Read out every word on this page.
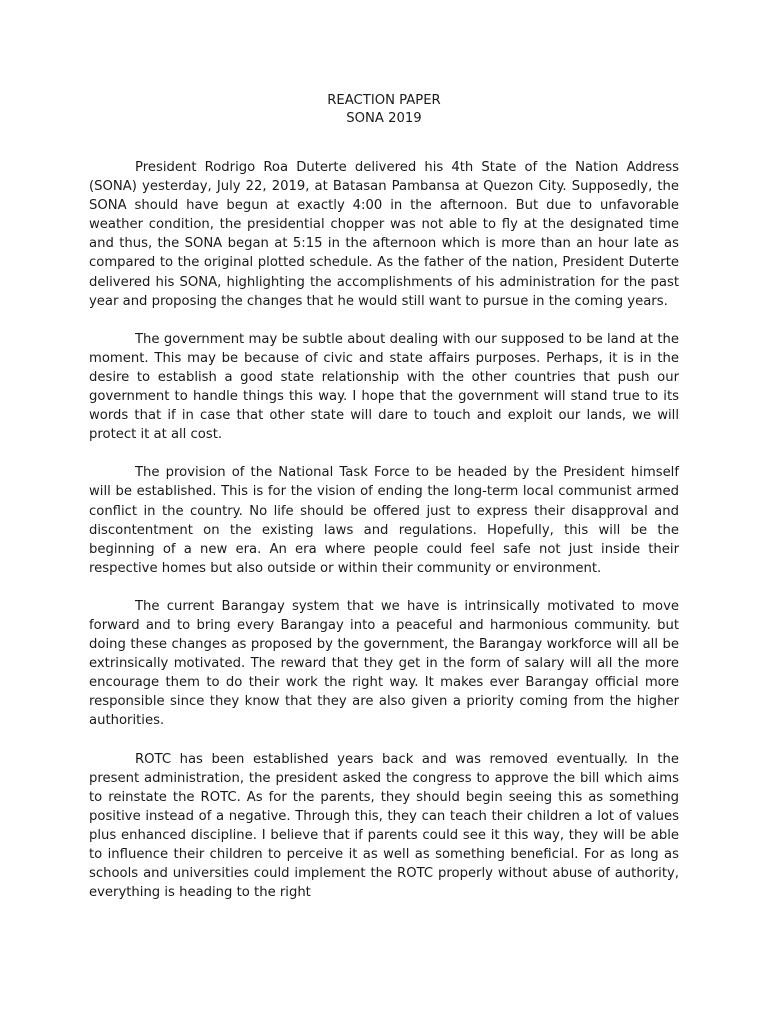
REACTION PAPER

SONA 2019

President Rodrigo Roa Duterte delivered his 4th State of the Nation Address (SONA) yesterday, July 22, 2019, at Batasan Pambansa at Quezon City. Supposedly, the SONA should have begun at exactly 4:00 in the afternoon. But due to unfavorable weather condition, the presidential chopper was not able to fly at the designated time and thus, the SONA began at 5:15 in the afternoon which is more than an hour late as compared to the original plotted schedule. As the father of the nation, President Duterte delivered his SONA, highlighting the accomplishments of his administration for the past year and proposing the changes that he would still want to pursue in the coming years.

The government may be subtle about dealing with our supposed to be land at the moment. This may be because of civic and state affairs purposes. Perhaps, it is in the desire to establish a good state relationship with the other countries that push our government to handle things this way. I hope that the government will stand true to its words that if in case that other state will dare to touch and exploit our lands, we will protect it at all cost.

The provision of the National Task Force to be headed by the President himself will be established. This is for the vision of ending the long-term local communist armed conflict in the country. No life should be offered just to express their disapproval and discontentment on the existing laws and regulations. Hopefully, this will be the beginning of a new era. An era where people could feel safe not just inside their respective homes but also outside or within their community or environment.

The current Barangay system that we have is intrinsically motivated to move forward and to bring every Barangay into a peaceful and harmonious community. but doing these changes as proposed by the government, the Barangay workforce will all be extrinsically motivated. The reward that they get in the form of salary will all the more encourage them to do their work the right way. It makes ever Barangay official more responsible since they know that they are also given a priority coming from the higher authorities.

ROTC has been established years back and was removed eventually. In the present administration, the president asked the congress to approve the bill which aims to reinstate the ROTC. As for the parents, they should begin seeing this as something positive instead of a negative. Through this, they can teach their children a lot of values plus enhanced discipline. I believe that if parents could see it this way, they will be able to influence their children to perceive it as well as something beneficial. For as long as schools and universities could implement the ROTC properly without abuse of authority, everything is heading to the right
